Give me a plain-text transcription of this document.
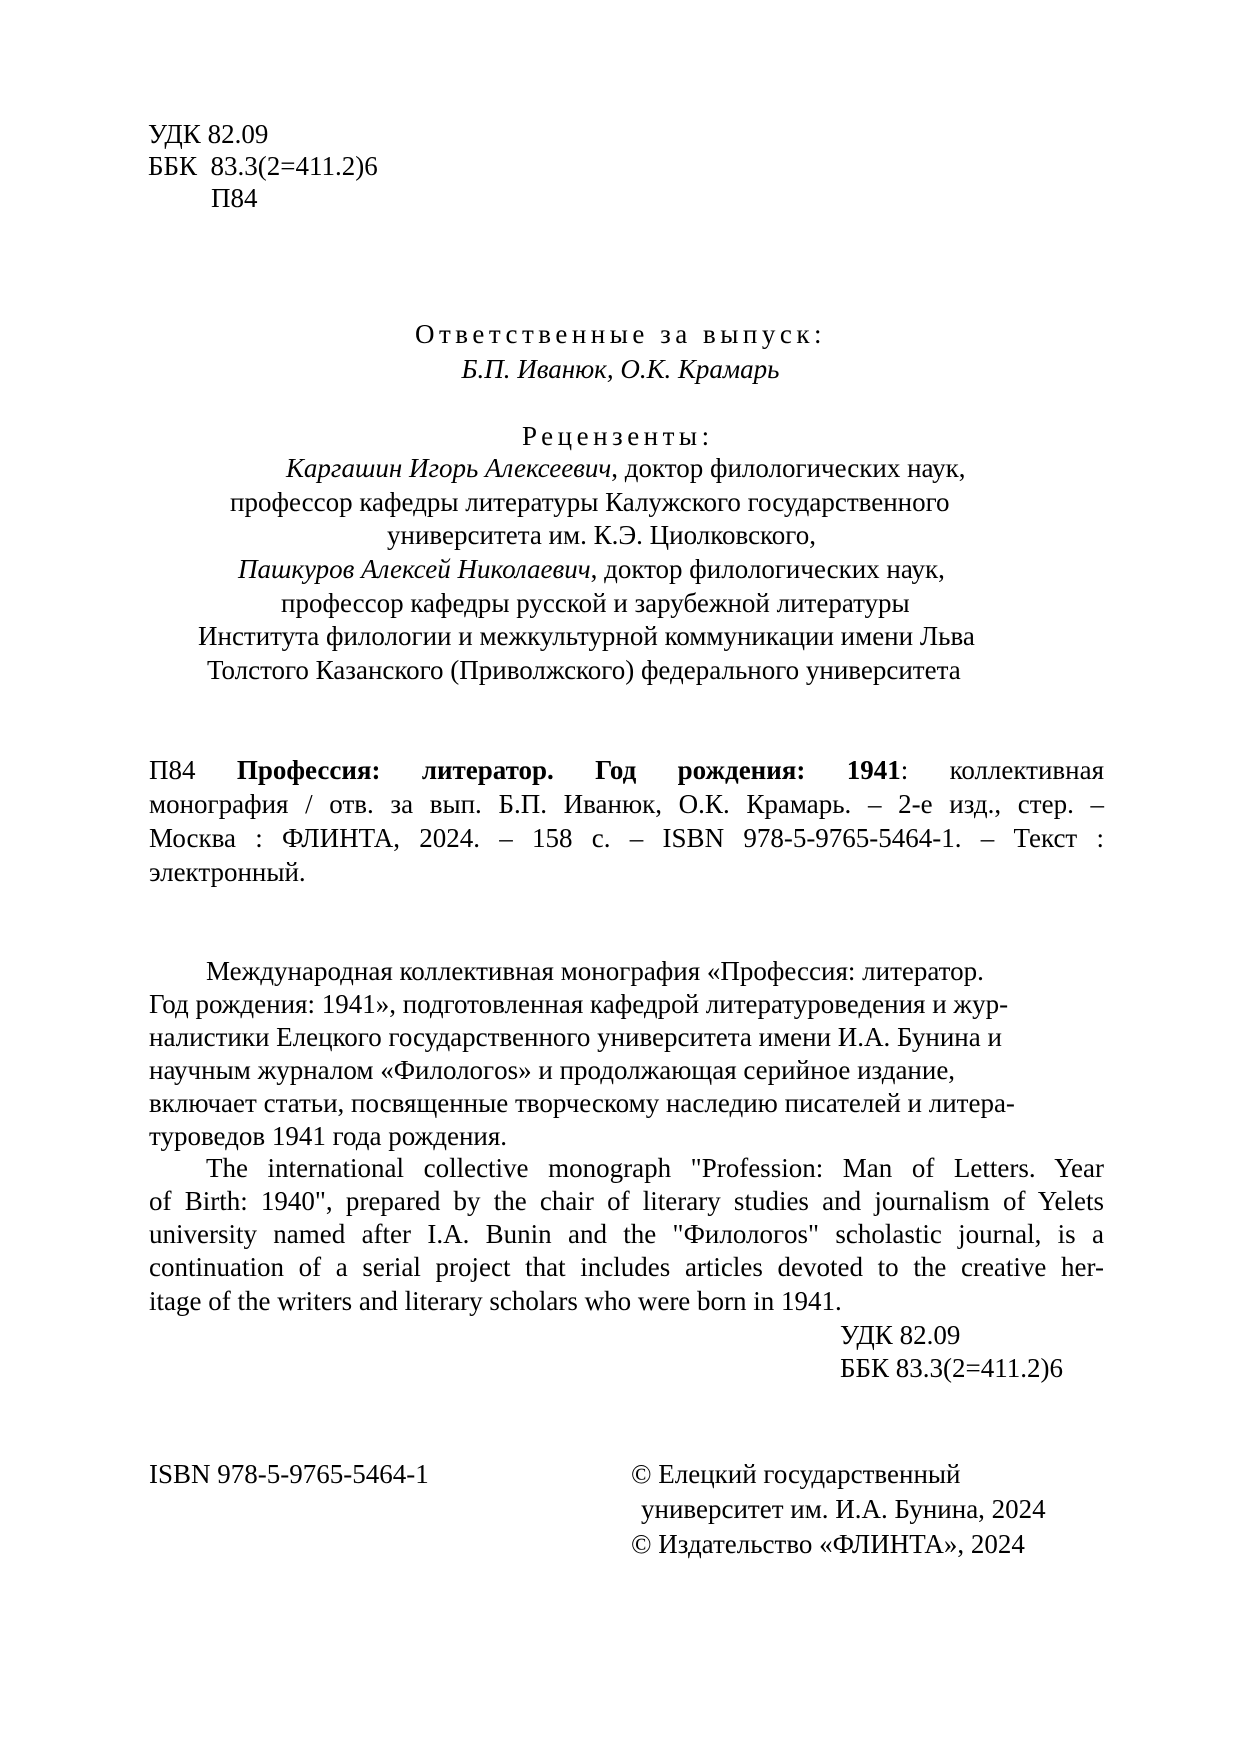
УДК 82.09
ББК  83.3(2=411.2)6
П84
Ответственные за выпуск:
Б.П. Иванюк, О.К. Крамарь
Рецензенты:
Каргашин Игорь Алексеевич, доктор филологических наук,
профессор кафедры литературы Калужского государственного
университета им. К.Э. Циолковского,
Пашкуров Алексей Николаевич, доктор филологических наук,
профессор кафедры русской и зарубежной литературы
Института филологии и межкультурной коммуникации имени Льва
Толстого Казанского (Приволжского) федерального университета
П84 Профессия: литератор. Год рождения: 1941: коллективная
монография / отв. за вып. Б.П. Иванюк, О.К. Крамарь. – 2-е изд., стер. –
Москва : ФЛИНТА, 2024. – 158 с. – ISBN 978-5-9765-5464-1. – Текст :
электронный.
Международная коллективная монография «Профессия: литератор.
Год рождения: 1941», подготовленная кафедрой литературоведения и жур-
налистики Елецкого государственного университета имени И.А. Бунина и
научным журналом «Филологos» и продолжающая серийное издание,
включает статьи, посвященные творческому наследию писателей и литера-
туроведов 1941 года рождения.
The international collective monograph "Profession: Man of Letters. Year
of Birth: 1940", prepared by the chair of literary studies and journalism of Yelets
university named after I.A. Bunin and the "Филологos" scholastic journal, is a
continuation of a serial project that includes articles devoted to the creative her-
itage of the writers and literary scholars who were born in 1941.
УДК 82.09
ББК 83.3(2=411.2)6
ISBN 978-5-9765-5464-1	© Елецкий государственный
университет им. И.А. Бунина, 2024
© Издательство «ФЛИНТА», 2024
